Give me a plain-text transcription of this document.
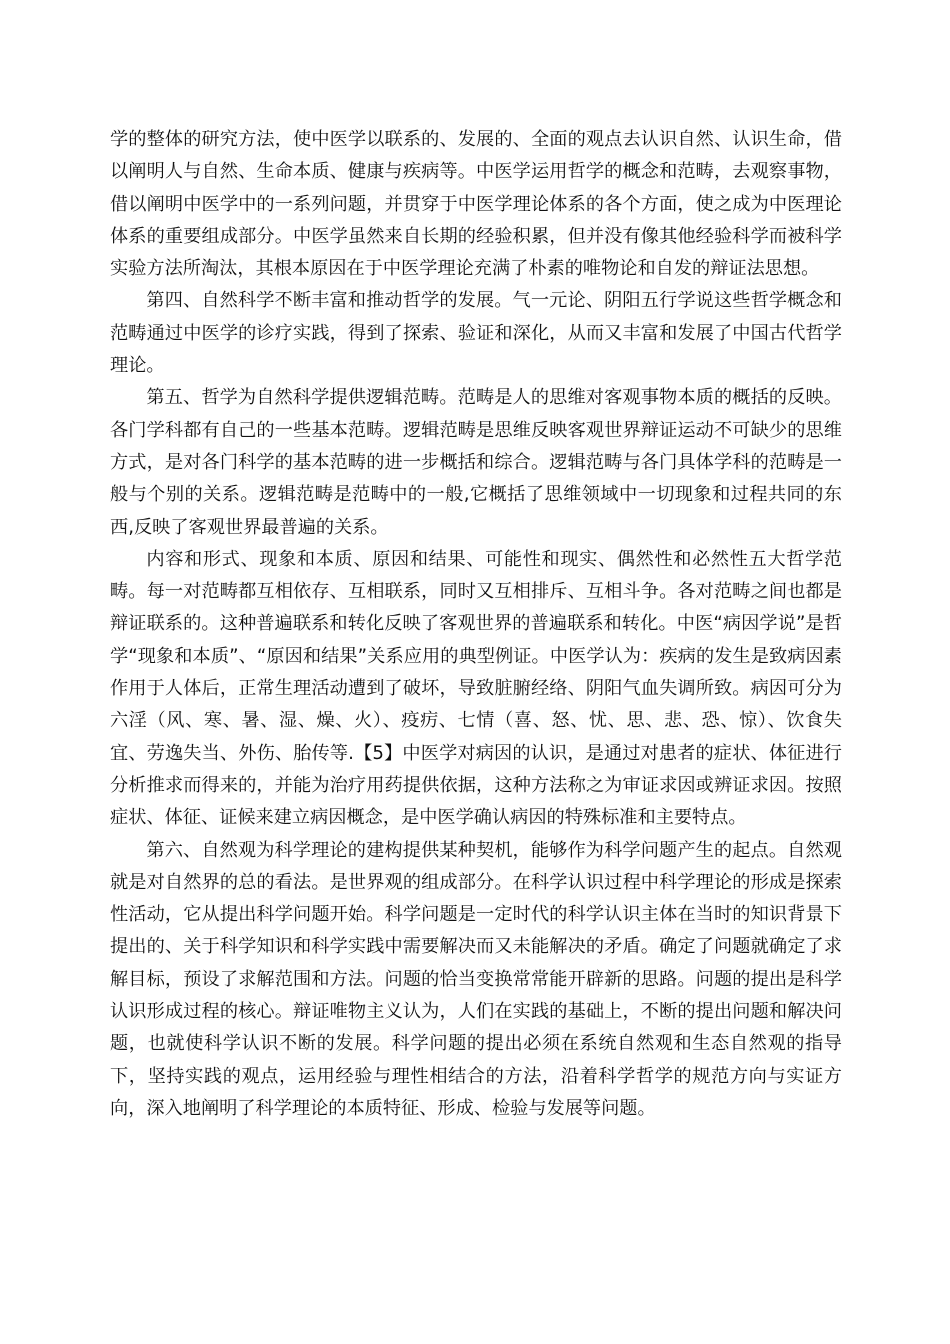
学的整体的研究方法，使中医学以联系的、发展的、全面的观点去认识自然、认识生命，借以阐明人与自然、生命本质、健康与疾病等。中医学运用哲学的概念和范畴，去观察事物，借以阐明中医学中的一系列问题，并贯穿于中医学理论体系的各个方面，使之成为中医理论体系的重要组成部分。中医学虽然来自长期的经验积累，但并没有像其他经验科学而被科学实验方法所淘汰，其根本原因在于中医学理论充满了朴素的唯物论和自发的辩证法思想。

第四、自然科学不断丰富和推动哲学的发展。气一元论、阴阳五行学说这些哲学概念和范畴通过中医学的诊疗实践，得到了探索、验证和深化，从而又丰富和发展了中国古代哲学理论。

第五、哲学为自然科学提供逻辑范畴。范畴是人的思维对客观事物本质的概括的反映。各门学科都有自己的一些基本范畴。逻辑范畴是思维反映客观世界辩证运动不可缺少的思维方式，是对各门科学的基本范畴的进一步概括和综合。逻辑范畴与各门具体学科的范畴是一般与个别的关系。逻辑范畴是范畴中的一般,它概括了思维领域中一切现象和过程共同的东西,反映了客观世界最普遍的关系。

内容和形式、现象和本质、原因和结果、可能性和现实、偶然性和必然性五大哲学范畴。每一对范畴都互相依存、互相联系，同时又互相排斥、互相斗争。各对范畴之间也都是辩证联系的。这种普遍联系和转化反映了客观世界的普遍联系和转化。中医“病因学说”是哲学“现象和本质”、“原因和结果”关系应用的典型例证。中医学认为：疾病的发生是致病因素作用于人体后，正常生理活动遭到了破坏，导致脏腑经络、阴阳气血失调所致。病因可分为六淫（风、寒、暑、湿、燥、火）、疫疠、七情（喜、怒、忧、思、悲、恐、惊）、饮食失宜、劳逸失当、外伤、胎传等.【5】中医学对病因的认识，是通过对患者的症状、体征进行分析推求而得来的，并能为治疗用药提供依据，这种方法称之为审证求因或辨证求因。按照症状、体征、证候来建立病因概念，是中医学确认病因的特殊标准和主要特点。

第六、自然观为科学理论的建构提供某种契机，能够作为科学问题产生的起点。自然观就是对自然界的总的看法。是世界观的组成部分。在科学认识过程中科学理论的形成是探索性活动，它从提出科学问题开始。科学问题是一定时代的科学认识主体在当时的知识背景下提出的、关于科学知识和科学实践中需要解决而又未能解决的矛盾。确定了问题就确定了求解目标，预设了求解范围和方法。问题的恰当变换常常能开辟新的思路。问题的提出是科学认识形成过程的核心。辩证唯物主义认为，人们在实践的基础上，不断的提出问题和解决问题，也就使科学认识不断的发展。科学问题的提出必须在系统自然观和生态自然观的指导下，坚持实践的观点，运用经验与理性相结合的方法，沿着科学哲学的规范方向与实证方向，深入地阐明了科学理论的本质特征、形成、检验与发展等问题。
